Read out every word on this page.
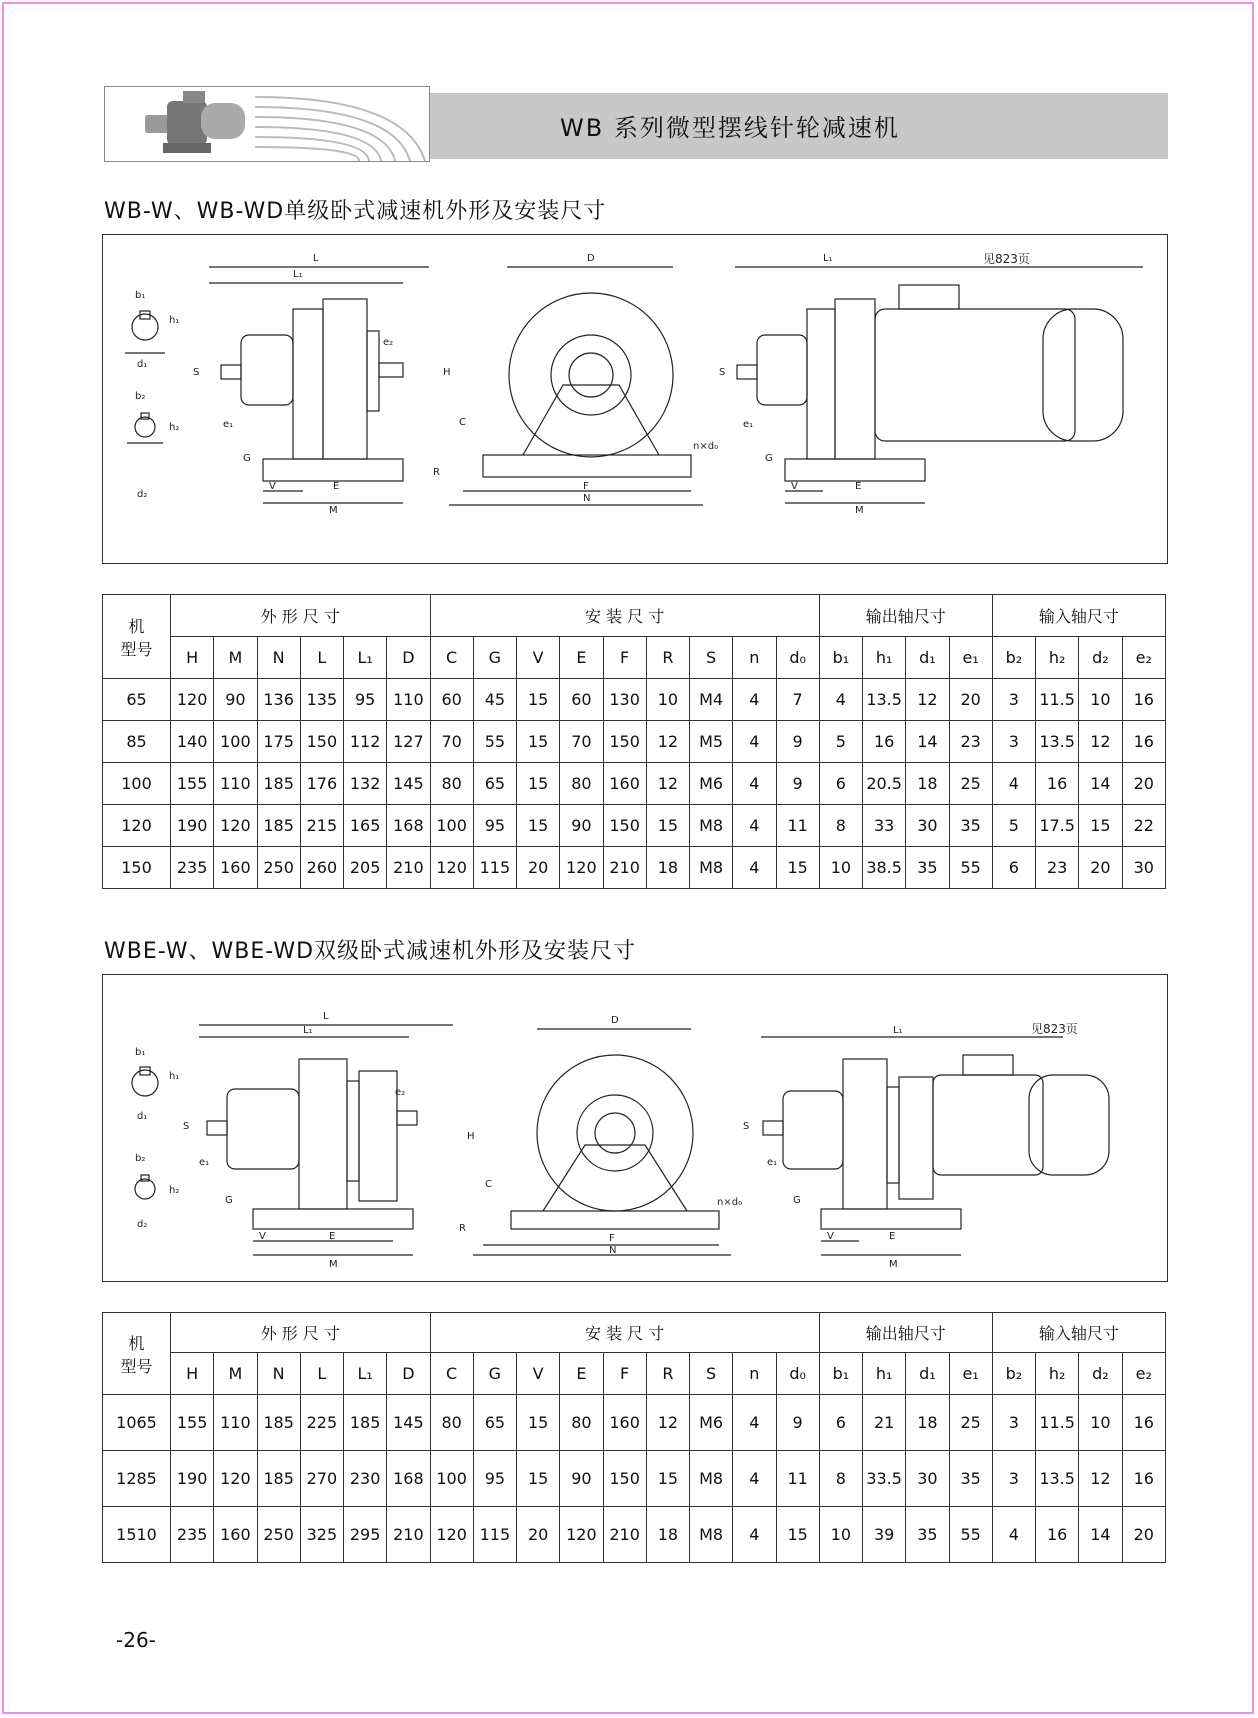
WB 系列微型摆线针轮减速机
WB-W、WB-WD单级卧式减速机外形及安装尺寸
b₁
h₁
d₁
b₂
h₂
d₂
L
L₁
e₂
S
e₁
G
V	E
M
D
H
C
R
n×d₀
F
N
L₁	见823页
S
e₁
G
V	E
M
机
型号	外 形 尺 寸						安 装 尺 寸									输出轴尺寸				输入轴尺寸			
	H	M	N	L	L₁	D	C	G	V	E	F	R	S	n	d₀	b₁	h₁	d₁	e₁	b₂	h₂	d₂	e₂
65	120	90	136	135	95	110	60	45	15	60	130	10	M4	4	7	4	13.5	12	20	3	11.5	10	16
85	140	100	175	150	112	127	70	55	15	70	150	12	M5	4	9	5	16	14	23	3	13.5	12	16
100	155	110	185	176	132	145	80	65	15	80	160	12	M6	4	9	6	20.5	18	25	4	16	14	20
120	190	120	185	215	165	168	100	95	15	90	150	15	M8	4	11	8	33	30	35	5	17.5	15	22
150	235	160	250	260	205	210	120	115	20	120	210	18	M8	4	15	10	38.5	35	55	6	23	20	30
WBE-W、WBE-WD双级卧式减速机外形及安装尺寸
b₁
h₁
d₁
b₂
h₂
d₂
L
L₁
e₂
S
e₁
G
V	E
M
D
H
C
R
n×d₀
F
N
L₁	见823页
S
e₁
G
V	E
M
机
型号	外 形 尺 寸						安 装 尺 寸									输出轴尺寸				输入轴尺寸			
	H	M	N	L	L₁	D	C	G	V	E	F	R	S	n	d₀	b₁	h₁	d₁	e₁	b₂	h₂	d₂	e₂
1065	155	110	185	225	185	145	80	65	15	80	160	12	M6	4	9	6	21	18	25	3	11.5	10	16
1285	190	120	185	270	230	168	100	95	15	90	150	15	M8	4	11	8	33.5	30	35	3	13.5	12	16
1510	235	160	250	325	295	210	120	115	20	120	210	18	M8	4	15	10	39	35	55	4	16	14	20
-26-
